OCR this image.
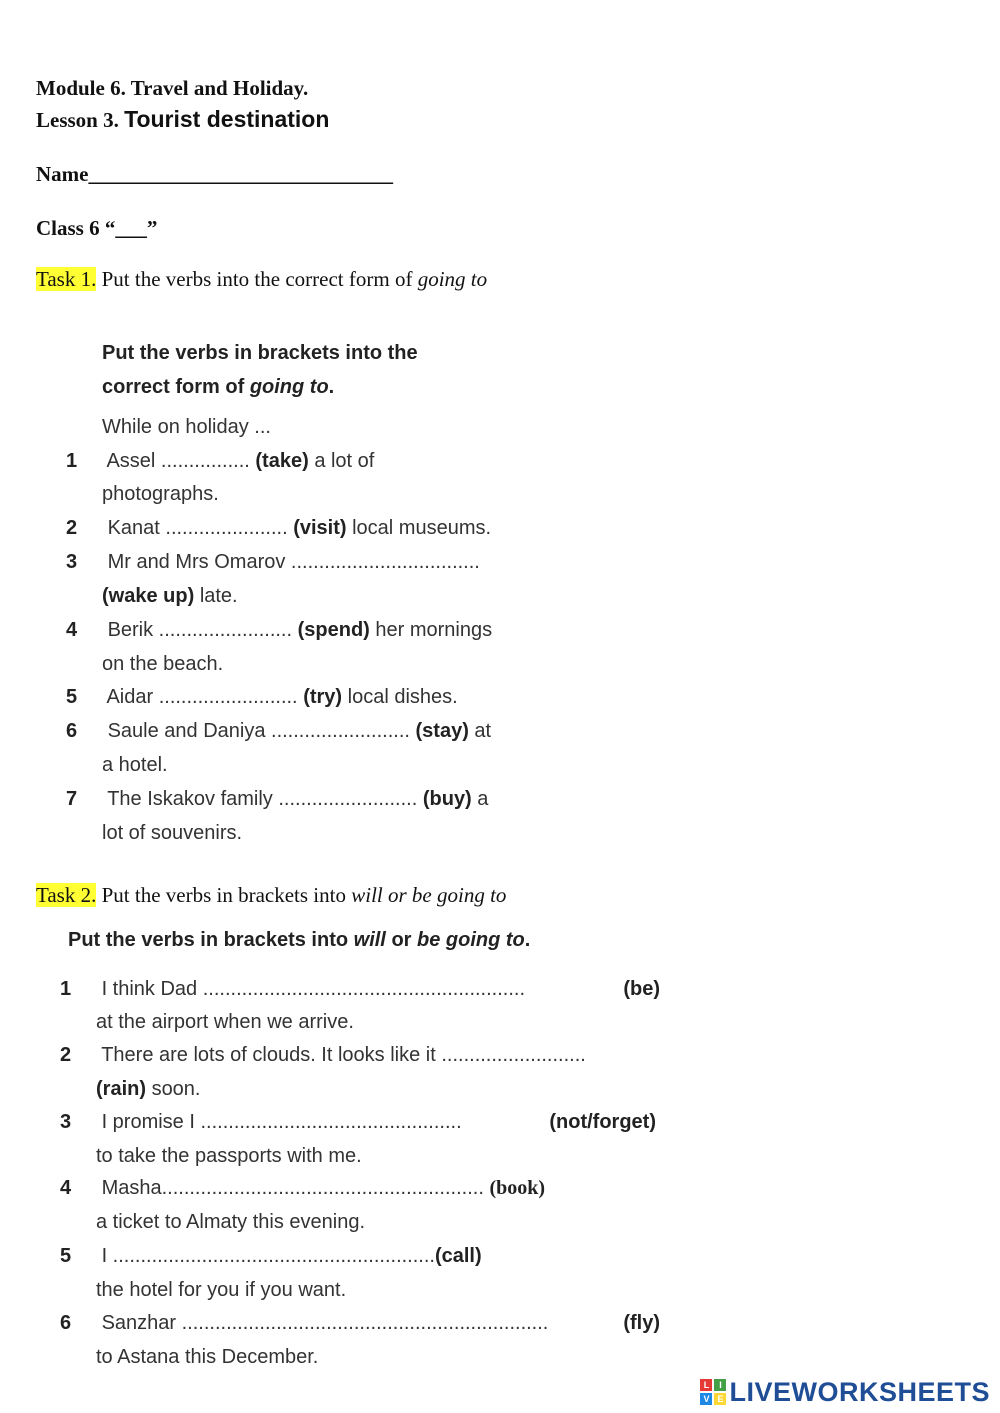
Module 6. Travel and Holiday.
Lesson 3. Tourist destination
Name_____________________________
Class 6 “___”
Task 1. Put the verbs into the correct form of going to
Put the verbs in brackets into the
correct form of going to.
While on holiday ...
1 Assel ................ (take) a lot of
photographs.
2 Kanat ...................... (visit) local museums.
3 Mr and Mrs Omarov ..................................
(wake up) late.
4 Berik ........................ (spend) her mornings
on the beach.
5 Aidar ......................... (try) local dishes.
6 Saule and Daniya ......................... (stay) at
a hotel.
7 The Iskakov family ......................... (buy) a
lot of souvenirs.
Task 2. Put the verbs in brackets into will or be going to
Put the verbs in brackets into will or be going to.
1 I think Dad ..........................................................	(be)
at the airport when we arrive.
2 There are lots of clouds. It looks like it ..........................
(rain) soon.
3 I promise I ...............................................	(not/forget)
to take the passports with me.
4 Masha.......................................................... (book)
a ticket to Almaty this evening.
5 I ..........................................................(call)
the hotel for you if you want.
6 Sanzhar ..................................................................	(fly)
to Astana this December.
L	I
V E LIVEWORKSHEETS
